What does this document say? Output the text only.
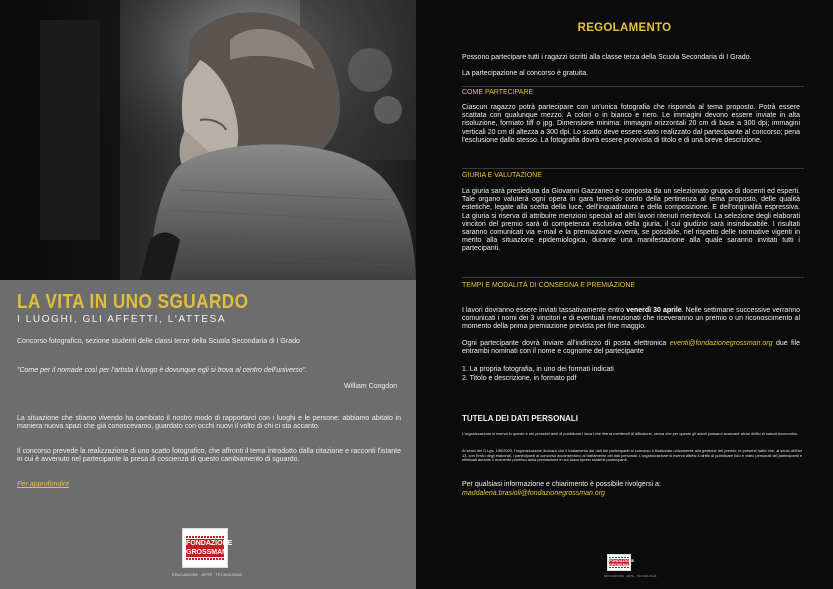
LA VITA IN UNO SGUARDO
I LUOGHI, GLI AFFETTI, L'ATTESA
Concorso fotografico, sezione studenti delle classi terze della Scuola Secondaria di I Grado
"Come per il nomade così per l'artista il luogo è dovunque egli si trova al centro dell'universo".
William Congdon
La situazione che stiamo vivendo ha cambiato il nostro modo di rapportarci con i luoghi e le persone: abbiamo abitato in maniera nuova spazi che già conoscevamo, guardato con occhi nuovi il volto di chi ci sta accanto.
Il concorso prevede la realizzazione di uno scatto fotografico, che affronti il tema introdotto dalla citazione e racconti l'istante in cui è avvenuto nel partecipante la presa di coscienza di questo cambiamento di sguardo.
Per approfondire
FONDAZIONE
GROSSMAN
EDUCAZIONE · ARTE · TECNOLOGIA
REGOLAMENTO
Possono partecipare tutti i ragazzi iscritti alla classe terza della Scuola Secondaria di I Grado.
La partecipazione al concorso è gratuita.
COME PARTECIPARE
Ciascun ragazzo potrà partecipare con un'unica fotografia che risponda al tema proposto. Potrà essere scattata con qualunque mezzo. A colori o in bianco e nero. Le immagini devono essere inviate in alta risoluzione, formato tiff o jpg. Dimensione minima: immagini orizzontali 20 cm di base a 300 dpi; immagini verticali 20 cm di altezza a 300 dpi. Lo scatto deve essere stato realizzato dal partecipante al concorso; pena l'esclusione dallo stesso. La fotografia dovrà essere provvista di titolo e di una breve descrizione.
GIURIA E VALUTAZIONE
La giuria sarà presieduta da Giovanni Gazzaneo e composta da un selezionato gruppo di docenti ed esperti. Tale organo valuterà ogni opera in gara tenendo conto della pertinenza al tema proposto, delle qualità estetiche, legate alla scelta della luce, dell'inquadratura e della composizione. E dell'originalità espressiva. La giuria si riserva di attribuire menzioni speciali ad altri lavori ritenuti meritevoli. La selezione degli elaborati vincitori del premio sarà di competenza esclusiva della giuria, il cui giudizio sarà insindacabile. I risultati saranno comunicati via e-mail e la premiazione avverrà, se possibile, nel rispetto delle normative vigenti in merito alla situazione epidemiologica, durante una manifestazione alla quale saranno invitati tutti i partecipanti.
TEMPI E MODALITÀ DI CONSEGNA E PREMIAZIONE
I lavori dovranno essere inviati tassativamente entro venerdì 30 aprile. Nelle settimane successive verranno comunicati i nomi dei 3 vincitori e di eventuali menzionati che riceveranno un premio o un riconoscimento al momento della prima premiazione prevista per fine maggio.
Ogni partecipante dovrà inviare all'indirizzo di posta elettronica eventi@fondazionegrossman.org due file entrambi nominati con il nome e cognome del partecipante
1. La propria fotografia, in uno dei formati indicati
2. Titolo e descrizione, in formato pdf
TUTELA DEI DATI PERSONALI
L'organizzazione si riserva in questo e nei prossimi anni di pubblicare i lavori che riterrà meritevoli di diffusione, senza che per questo gli autori possano avanzare alcun diritto di natura economica.
Ai sensi del D.Lgs. 196/2003, l'organizzazione dichiara che il trattamento dei dati dei partecipanti al concorso è finalizzato unicamente alla gestione del premio; le presenti tratte che, ai sensi dell'art 13, con l'invio degli elaborati, i partecipanti al concorso acconsentono al trattamento dei dati personali. L'organizzazione si riserva altresì il diritto di pubblicare foto e video personali dei partecipanti e effettuati durante il momento pubblico della premiazione in cui siano ripresi studenti partecipanti.
Per qualsiasi informazione e chiarimento è possibile rivolgersi a:
maddalena.brasioli@fondazionegrossman.org
FONDAZIONE
GROSSMAN
EDUCAZIONE · ARTE · TECNOLOGIA
